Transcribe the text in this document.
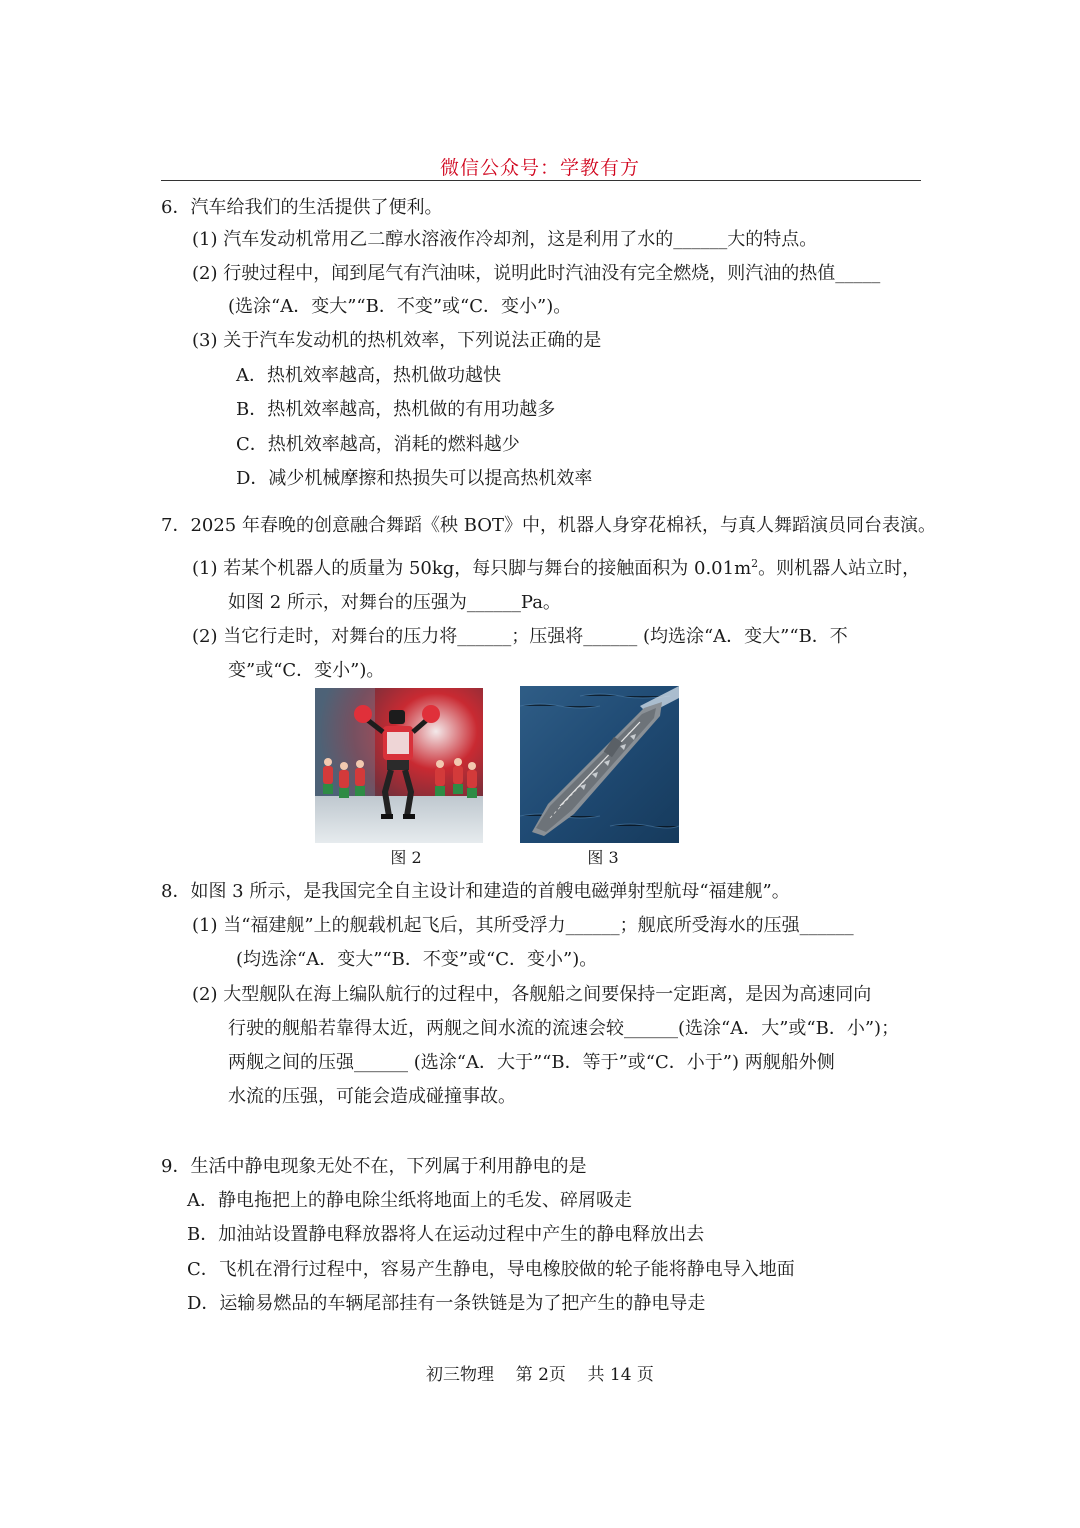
微信公众号：学教有方
6．汽车给我们的生活提供了便利。
(1) 汽车发动机常用乙二醇水溶液作冷却剂，这是利用了水的______大的特点。
(2) 行驶过程中，闻到尾气有汽油味，说明此时汽油没有完全燃烧，则汽油的热值_____
(选涂“A．变大”“B．不变”或“C．变小”)。
(3) 关于汽车发动机的热机效率，下列说法正确的是
A．热机效率越高，热机做功越快
B．热机效率越高，热机做的有用功越多
C．热机效率越高，消耗的燃料越少
D．减少机械摩擦和热损失可以提高热机效率
7．2025 年春晚的创意融合舞蹈《秧 BOT》中，机器人身穿花棉袄，与真人舞蹈演员同台表演。
(1) 若某个机器人的质量为 50kg，每只脚与舞台的接触面积为 $0.01m^2$。则机器人站立时，
如图 2 所示，对舞台的压强为______Pa。
(2) 当它行走时，对舞台的压力将______；压强将______ (均选涂“A．变大”“B．不
变”或“C．变小”)。
图 2	图 3
8．如图 3 所示，是我国完全自主设计和建造的首艘电磁弹射型航母“福建舰”。
(1) 当“福建舰”上的舰载机起飞后，其所受浮力______；舰底所受海水的压强______
(均选涂“A．变大”“B．不变”或“C．变小”)。
(2) 大型舰队在海上编队航行的过程中，各舰船之间要保持一定距离，是因为高速同向
行驶的舰船若靠得太近，两舰之间水流的流速会较______(选涂“A．大”或“B．小”)；
两舰之间的压强______ (选涂“A．大于”“B．等于”或“C．小于”) 两舰船外侧
水流的压强，可能会造成碰撞事故。
9．生活中静电现象无处不在，下列属于利用静电的是
A．静电拖把上的静电除尘纸将地面上的毛发、碎屑吸走
B．加油站设置静电释放器将人在运动过程中产生的静电释放出去
C．飞机在滑行过程中，容易产生静电，导电橡胶做的轮子能将静电导入地面
D．运输易燃品的车辆尾部挂有一条铁链是为了把产生的静电导走
初三物理    第 2页    共 14 页
